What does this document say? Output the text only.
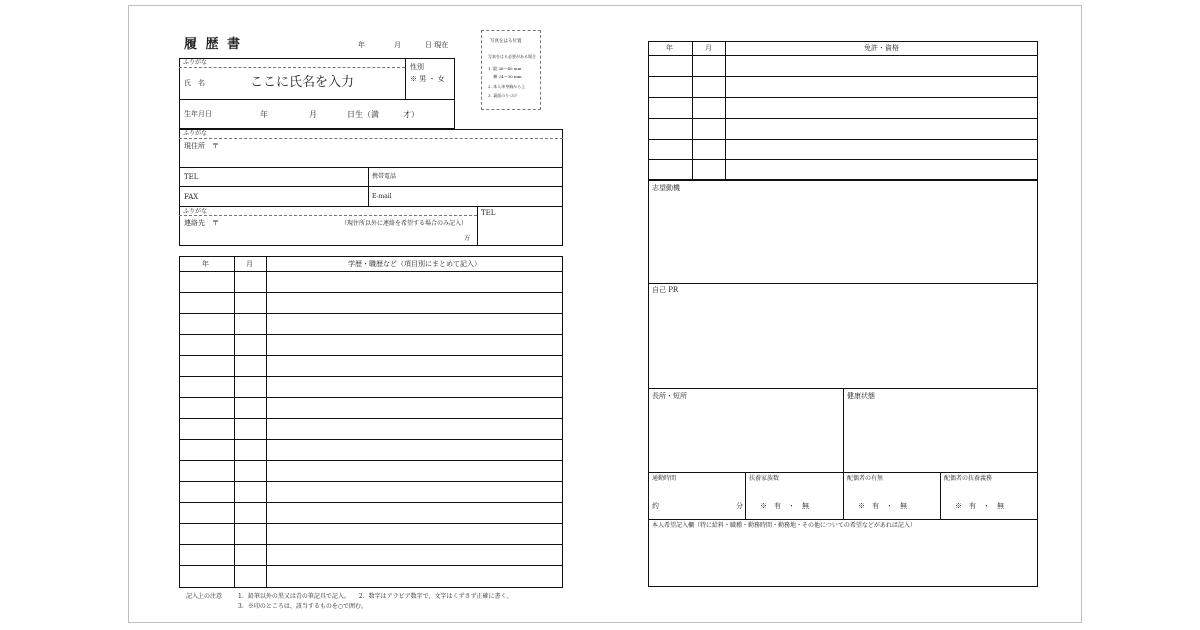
履 歴 書	年	月	日 現在	写真をはる位置
写真をはる必要がある場合
1. 縦 36〜40 mm
　 横 24〜30 mm
2. 本人単身胸から上
3. 裏面のりづけ
ふりがな
氏　名	ここに氏名を入力
性別
※ 男 ・ 女
生年月日	年	月	日生（満　　　才）
ふりがな
現住所　〒
TEL	携帯電話
FAX	E-mail
ふりがな
連絡先　〒	（現住所以外に連絡を希望する場合のみ記入）
方
TEL
年	月	学歴・職歴など（項目別にまとめて記入）
記入上の注意	1．鉛筆以外の黒又は青の筆記具で記入。　　2．数字はアラビア数字で、文字はくずさず正確に書く。
3．※印のところは、該当するものを○で囲む。
年	月	免許・資格
志望動機
自己 PR
長所・短所	健康状態
通勤時間
約	分
扶養家族数
※　有　・　無
配偶者の有無
※　有　・　無
配偶者の扶養義務
※　有　・　無
本人希望記入欄（特に給料・職種・勤務時間・勤務地・その他についての希望などがあれば記入）
